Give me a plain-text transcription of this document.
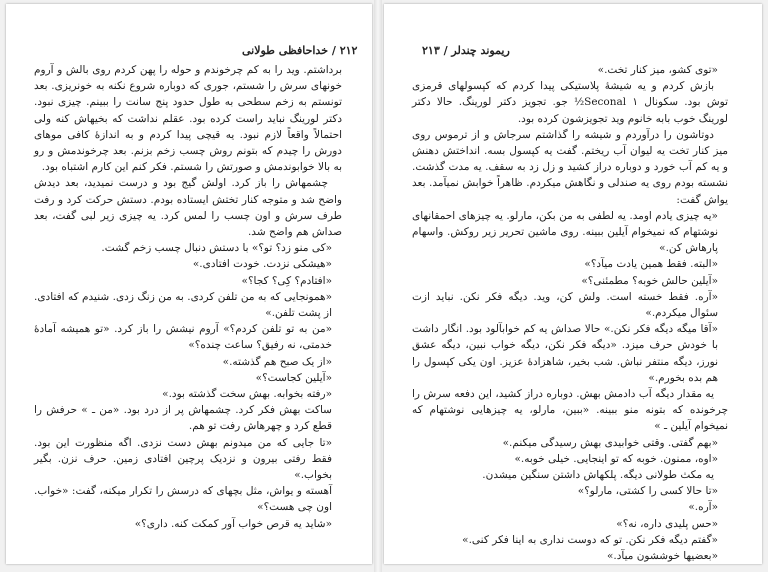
۲۱۲ / خداحافظی طولانی

برداشتم. وید را به کم چرخوندم و حوله را پهن کردم روی بالش و آروم خونهای سرش را شستم، جوری که دوباره شروع نکنه به خونریزی. بعد تونستم به زخم سطحی به طول حدود پنج سانت را ببینم. چیزی نبود. دکتر لورینگ نباید راست کرده بود. عقلم نداشت که بخیهاش کنه ولی احتمالاً واقعاً لازم نبود. یه قیچی پیدا کردم و به اندازهٔ کافی موهای دورش را چیدم که بتونم روش چسب زخم بزنم. بعد چرخوندمش و رو به بالا خوابوندمش و صورتش را شستم. فکر کنم این کارم اشتباه بود.

چشمهاش را باز کرد. اولش گیج بود و درست نمیدید، بعد دیدش واضح شد و متوجه کنار تختش ایستاده بودم. دستش حرکت کرد و رفت طرف سرش و اون چسب را لمس کرد. یه چیزی زیر لبی گفت، بعد صداش هم واضح شد.

«کی منو زد؟ تو؟» با دستش دنبال چسب زخم گشت.

«هیشکی نزدت. خودت افتادی.»

«افتادم؟ کِی؟ کجا؟»

«همونجایی که به من تلفن کردی. به من زنگ زدی. شنیدم که افتادی. از پشت تلفن.»

«من به تو تلفن کردم؟» آروم نیشش را باز کرد. «تو همیشه آمادهٔ خدمتی، نه رفیق؟ ساعت چنده؟»

«از یک صبح هم گذشته.»

«آیلین کجاست؟»

«رفته بخوابه. بهش سخت گذشته بود.»

ساکت بهش فکر کرد. چشمهاش پر از درد بود. «من ـ » حرفش را قطع کرد و چهرهاش رفت تو هم.

«تا جایی که من میدونم بهش دست نزدی. اگه منظورت این بود. فقط رفتی بیرون و نزدیک پرچین افتادی زمین. حرف نزن. بگیر بخواب.»

آهسته و یواش، مثل بچهای که درسش را تکرار میکنه، گفت: «خواب. اون چی هست؟»

«شاید یه قرص خواب آور کمکت کنه. داری؟»

ریموند چندلر / ۲۱۳

«توی کشو، میز کنار تخت.»

بازش کردم و یه شیشهٔ پلاستیکی پیدا کردم که کپسولهای قرمزی توش بود. سکونال Seconal ۱½ جو. تجویز دکتر لورینگ. حالا دکتر لورینگ خوب بابه خانوم وید تجویزشون کرده بود.

دوتاشون را درآوردم و شیشه را گذاشتم سرجاش و از ترموس روی میز کنار تخت یه لیوان آب ریختم. گفت یه کپسول بسه. انداختش دهنش و یه کم آب خورد و دوباره دراز کشید و زل زد به سقف. یه مدت گذشت. نشسته بودم روی یه صندلی و نگاهش میکردم. ظاهراً خوابش نمیآمد. بعد یواش گفت:

«یه چیزی یادم اومد. یه لطفی به من بکن، مارلو. یه چیزهای احمقانهای نوشتهام که نمیخوام آیلین ببینه. روی ماشین تحریر زیر روکش. واسهام پارهاش کن.»

«البته. فقط همین یادت میآد؟»

«آیلین حالش خوبه؟ مطمئنی؟»

«آره. فقط خسته است. ولش کن، وید. دیگه فکر نکن. نباید ازت سئوال میکردم.»

«آقا میگه دیگه فکر نکن.» حالا صداش یه کم خوابآلود بود. انگار داشت با خودش حرف میزد. «دیگه فکر نکن، دیگه خواب نبین، دیگه عشق نورز، دیگه منتفر نباش. شب بخیر، شاهزادهٔ عزیز. اون یکی کپسول را هم بده بخورم.»

یه مقدار دیگه آب دادمش بهش. دوباره دراز کشید، این دفعه سرش را چرخونده که بتونه منو ببینه. «ببین، مارلو، یه چیزهایی نوشتهام که نمیخوام آیلین ـ »

«بهم گفتی. وقتی خوابیدی بهش رسیدگی میکنم.»

«اوه، ممنون. خوبه که تو اینجایی. خیلی خوبه.»

یه مکث طولانی دیگه. پلکهاش داشتن سنگین میشدن.

«تا حالا کسی را کشتی، مارلو؟»

«آره.»

«حس پلیدی داره، نه؟»

«گفتم دیگه فکر نکن. تو که دوست نداری به اینا فکر کنی.»

«بعضیها خوششون میآد.»
